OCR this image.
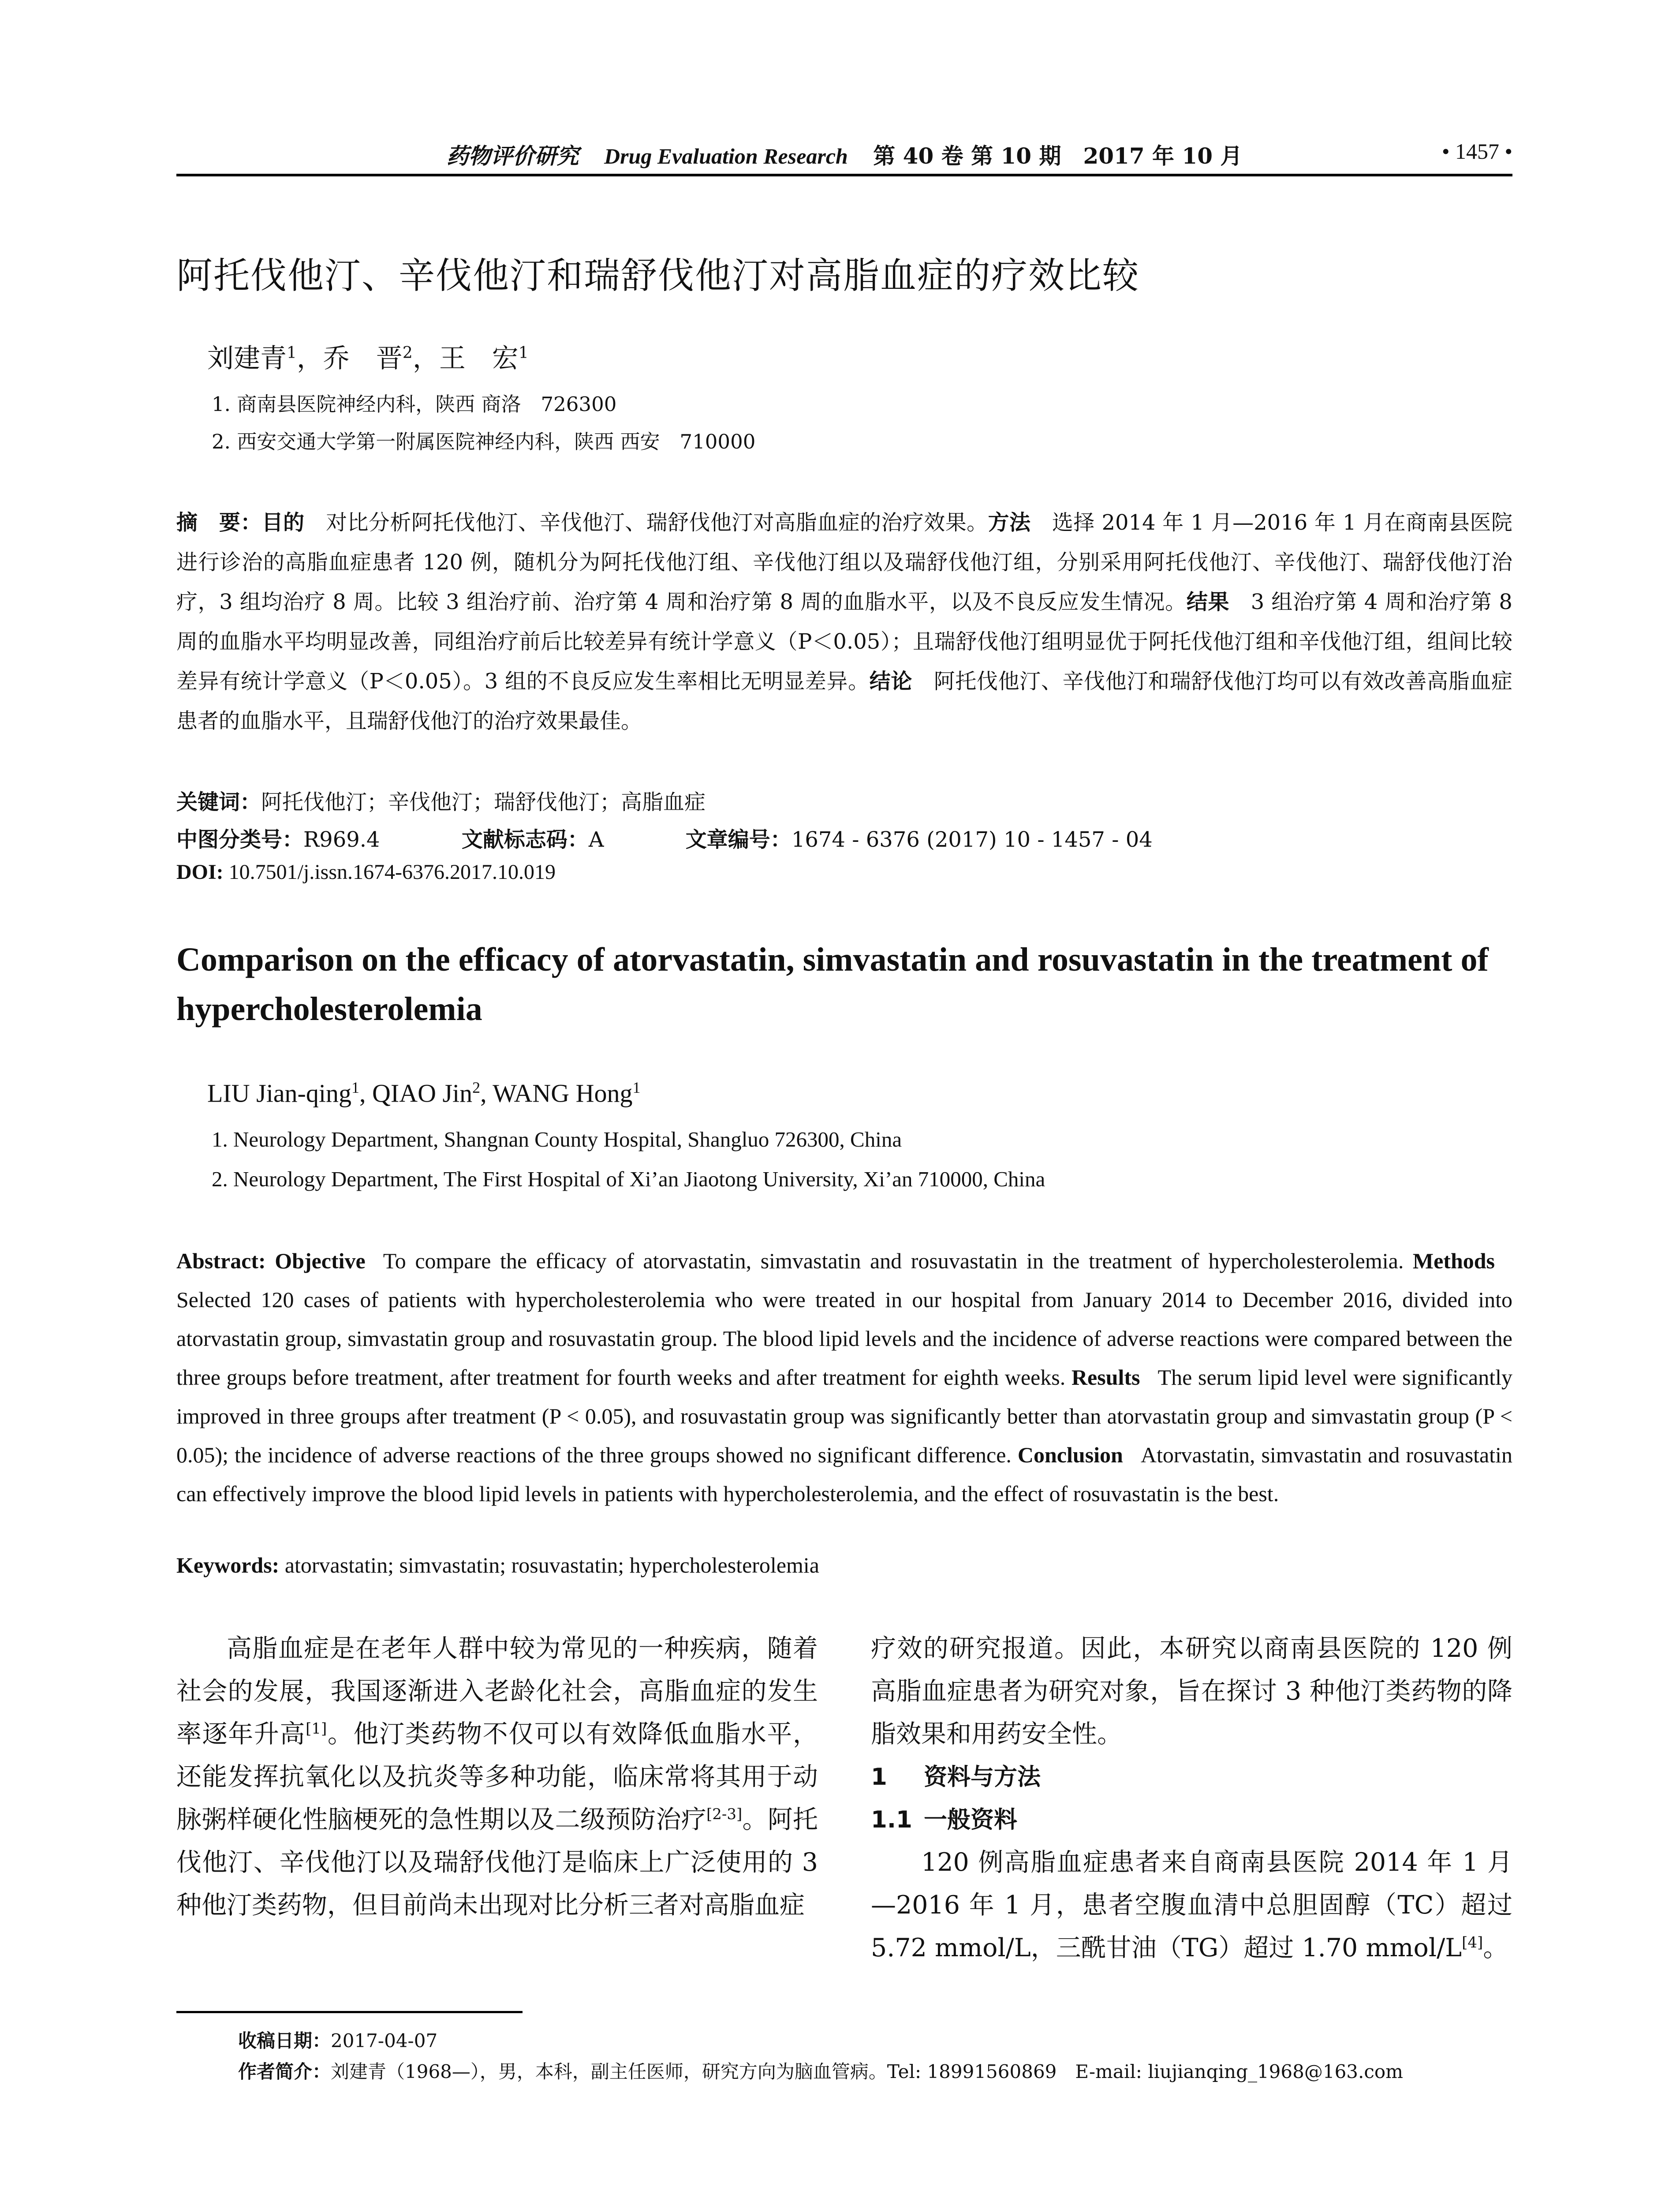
药物评价研究 Drug Evaluation Research 第 40 卷 第 10 期　2017 年 10 月	• 1457 •
阿托伐他汀、辛伐他汀和瑞舒伐他汀对高脂血症的疗效比较

刘建青$^1$，乔　晋$^2$，王　宏$^1$

1. 商南县医院神经内科，陕西 商洛　726300

2. 西安交通大学第一附属医院神经内科，陕西 西安　710000

摘　要：目的　 对比分析阿托伐他汀、辛伐他汀、瑞舒伐他汀对高脂血症的治疗效果。方法　 选择 2014 年 1 月—2016 年 1 月在商南县医院进行诊治的高脂血症患者 120 例，随机分为阿托伐他汀组、辛伐他汀组以及瑞舒伐他汀组，分别采用阿托伐他汀、辛伐他汀、瑞舒伐他汀治疗，3 组均治疗 8 周。比较 3 组治疗前、治疗第 4 周和治疗第 8 周的血脂水平，以及不良反应发生情况。结果　 3 组治疗第 4 周和治疗第 8 周的血脂水平均明显改善，同组治疗前后比较差异有统计学意义（P＜0.05）；且瑞舒伐他汀组明显优于阿托伐他汀组和辛伐他汀组，组间比较差异有统计学意义（P＜0.05）。3 组的不良反应发生率相比无明显差异。结论　 阿托伐他汀、辛伐他汀和瑞舒伐他汀均可以有效改善高脂血症患者的血脂水平，且瑞舒伐他汀的治疗效果最佳。

关键词：阿托伐他汀；辛伐他汀；瑞舒伐他汀；高脂血症

中图分类号：R969.4	文献标志码：A	文章编号：1674 - 6376 (2017) 10 - 1457 - 04

DOI: 10.7501/j.issn.1674-6376.2017.10.019

Comparison on the efficacy of atorvastatin, simvastatin and rosuvastatin in the treatment of hypercholesterolemia

LIU Jian-qing$^1$, QIAO Jin$^2$, WANG Hong$^1$

1. Neurology Department, Shangnan County Hospital, Shangluo 726300, China

2. Neurology Department, The First Hospital of Xi’an Jiaotong University, Xi’an 710000, China

Abstract: Objective To compare the efficacy of atorvastatin, simvastatin and rosuvastatin in the treatment of hypercholesterolemia. MethodsSelected 120 cases of patients with hypercholesterolemia who were treated in our hospital from January 2014 to December 2016, divided into atorvastatin group, simvastatin group and rosuvastatin group. The blood lipid levels and the incidence of adverse reactions were compared between the three groups before treatment, after treatment for fourth weeks and after treatment for eighth weeks. Results The serum lipid level were significantly improved in three groups after treatment (P < 0.05), and rosuvastatin group was significantly better than atorvastatin group and simvastatin group (P < 0.05); the incidence of adverse reactions of the three groups showed no significant difference. Conclusion Atorvastatin, simvastatin and rosuvastatin can effectively improve the blood lipid levels in patients with hypercholesterolemia, and the effect of rosuvastatin is the best.

Keywords: atorvastatin; simvastatin; rosuvastatin; hypercholesterolemia

高脂血症是在老年人群中较为常见的一种疾病，随着社会的发展，我国逐渐进入老龄化社会，高脂血症的发生率逐年升高[1]。他汀类药物不仅可以有效降低血脂水平，还能发挥抗氧化以及抗炎等多种功能，临床常将其用于动脉粥样硬化性脑梗死的急性期以及二级预防治疗[2-3]。阿托伐他汀、辛伐他汀以及瑞舒伐他汀是临床上广泛使用的 3 种他汀类药物，但目前尚未出现对比分析三者对高脂血症

疗效的研究报道。因此，本研究以商南县医院的 120 例高脂血症患者为研究对象，旨在探讨 3 种他汀类药物的降脂效果和用药安全性。

1 资料与方法
1.1 一般资料

120 例高脂血症患者来自商南县医院 2014 年 1 月—2016 年 1 月，患者空腹血清中总胆固醇（TC）超过 5.72 mmol/L，三酰甘油（TG）超过 1.70 mmol/L[4]。

收稿日期：2017-04-07

作者简介：刘建青（1968—），男，本科，副主任医师，研究方向为脑血管病。Tel: 18991560869　E-mail: liujianqing_1968@163.com
